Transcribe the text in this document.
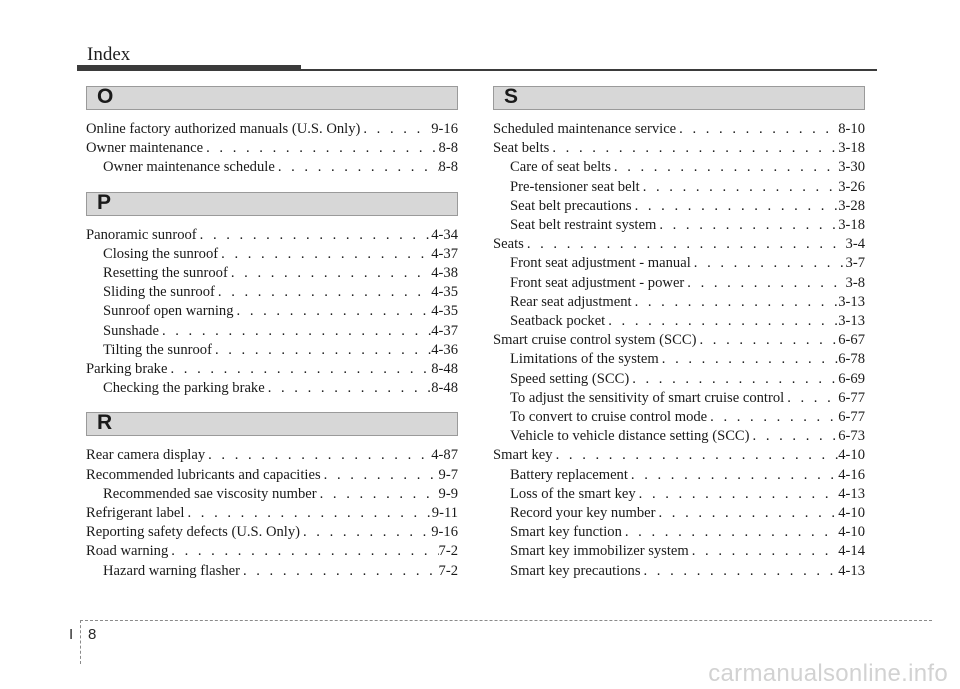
Index
O
Online factory authorized manuals (U.S. Only) . . .	9-16
Owner maintenance . . .	8-8
Owner maintenance schedule . . .	8-8
P
Panoramic sunroof . . .	4-34
Closing the sunroof . . .	4-37
Resetting the sunroof . . .	4-38
Sliding the sunroof . . .	4-35
Sunroof open warning . . .	4-35
Sunshade . . .	4-37
Tilting the sunroof . . .	4-36
Parking brake . . .	8-48
Checking the parking brake . . .	8-48
R
Rear camera display . . .	4-87
Recommended lubricants and capacities . . .	9-7
Recommended sae viscosity number . . .	9-9
Refrigerant label . . .	9-11
Reporting safety defects (U.S. Only) . . .	9-16
Road warning . . .	7-2
Hazard warning flasher . . .	7-2
S
Scheduled maintenance service . . .	8-10
Seat belts . . .	3-18
Care of seat belts . . .	3-30
Pre-tensioner seat belt . . .	3-26
Seat belt precautions . . .	3-28
Seat belt restraint system . . .	3-18
Seats . . .	3-4
Front seat adjustment - manual . . .	3-7
Front seat adjustment - power . . .	3-8
Rear seat adjustment . . .	3-13
Seatback pocket . . .	3-13
Smart cruise control system (SCC) . . .	6-67
Limitations of the system . . .	6-78
Speed setting (SCC) . . .	6-69
To adjust the sensitivity of smart cruise control . . .	6-77
To convert to cruise control mode . . .	6-77
Vehicle to vehicle distance setting (SCC) . . .	6-73
Smart key . . .	4-10
Battery replacement . . .	4-16
Loss of the smart key . . .	4-13
Record your key number . . .	4-10
Smart key function . . .	4-10
Smart key immobilizer system . . .	4-14
Smart key precautions . . .	4-13
I 8
carmanualsonline.info
